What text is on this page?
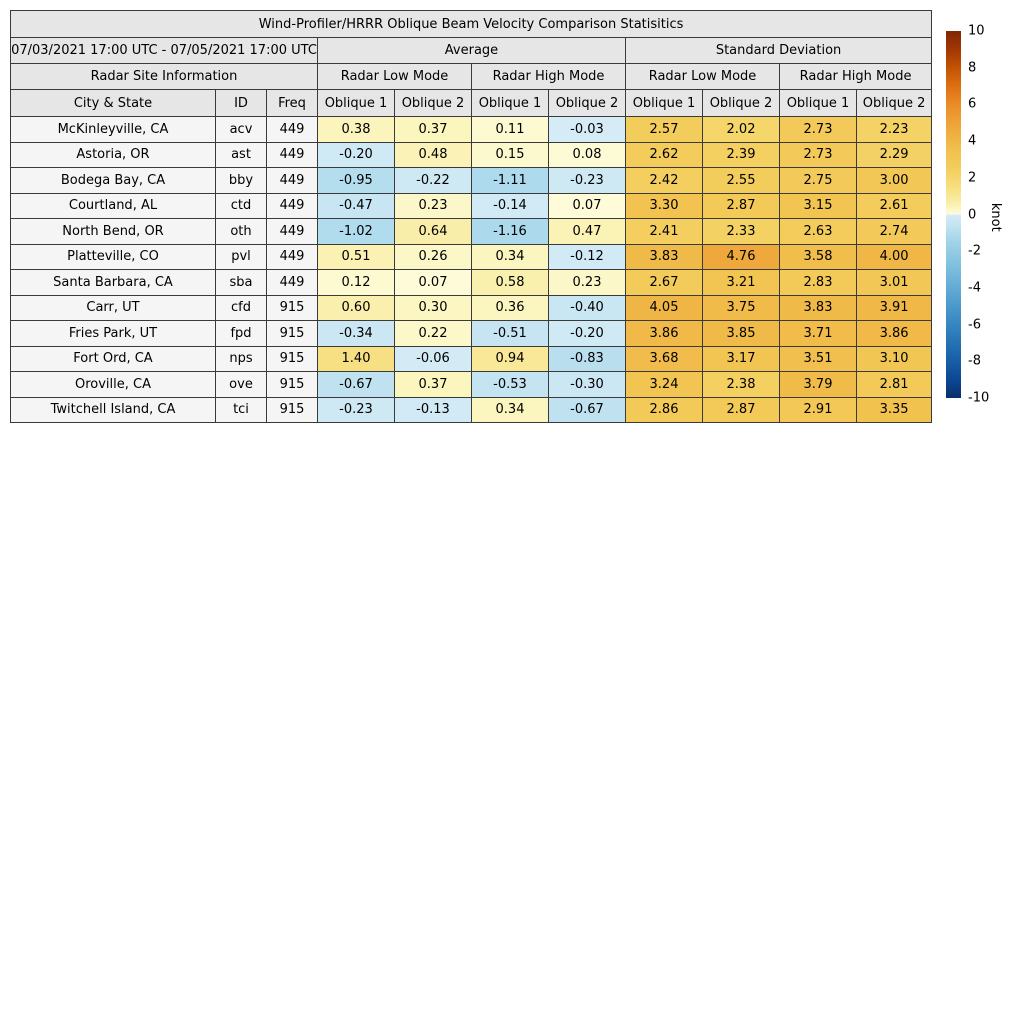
Wind-Profiler/HRRR Oblique Beam Velocity Comparison Statisitics										
07/03/2021 17:00 UTC - 07/05/2021 17:00 UTC			Average				Standard Deviation			
Radar Site Information			Radar Low Mode		Radar High Mode		Radar Low Mode		Radar High Mode	
City & State	ID	Freq	Oblique 1	Oblique 2	Oblique 1	Oblique 2	Oblique 1	Oblique 2	Oblique 1	Oblique 2
McKinleyville, CA	acv	449	0.38	0.37	0.11	-0.03	2.57	2.02	2.73	2.23
Astoria, OR	ast	449	-0.20	0.48	0.15	0.08	2.62	2.39	2.73	2.29
Bodega Bay, CA	bby	449	-0.95	-0.22	-1.11	-0.23	2.42	2.55	2.75	3.00
Courtland, AL	ctd	449	-0.47	0.23	-0.14	0.07	3.30	2.87	3.15	2.61
North Bend, OR	oth	449	-1.02	0.64	-1.16	0.47	2.41	2.33	2.63	2.74
Platteville, CO	pvl	449	0.51	0.26	0.34	-0.12	3.83	4.76	3.58	4.00
Santa Barbara, CA	sba	449	0.12	0.07	0.58	0.23	2.67	3.21	2.83	3.01
Carr, UT	cfd	915	0.60	0.30	0.36	-0.40	4.05	3.75	3.83	3.91
Fries Park, UT	fpd	915	-0.34	0.22	-0.51	-0.20	3.86	3.85	3.71	3.86
Fort Ord, CA	nps	915	1.40	-0.06	0.94	-0.83	3.68	3.17	3.51	3.10
Oroville, CA	ove	915	-0.67	0.37	-0.53	-0.30	3.24	2.38	3.79	2.81
Twitchell Island, CA	tci	915	-0.23	-0.13	0.34	-0.67	2.86	2.87	2.91	3.35
10
8
6
4
2
0
-2
-4
-6
-8
-10
knot
